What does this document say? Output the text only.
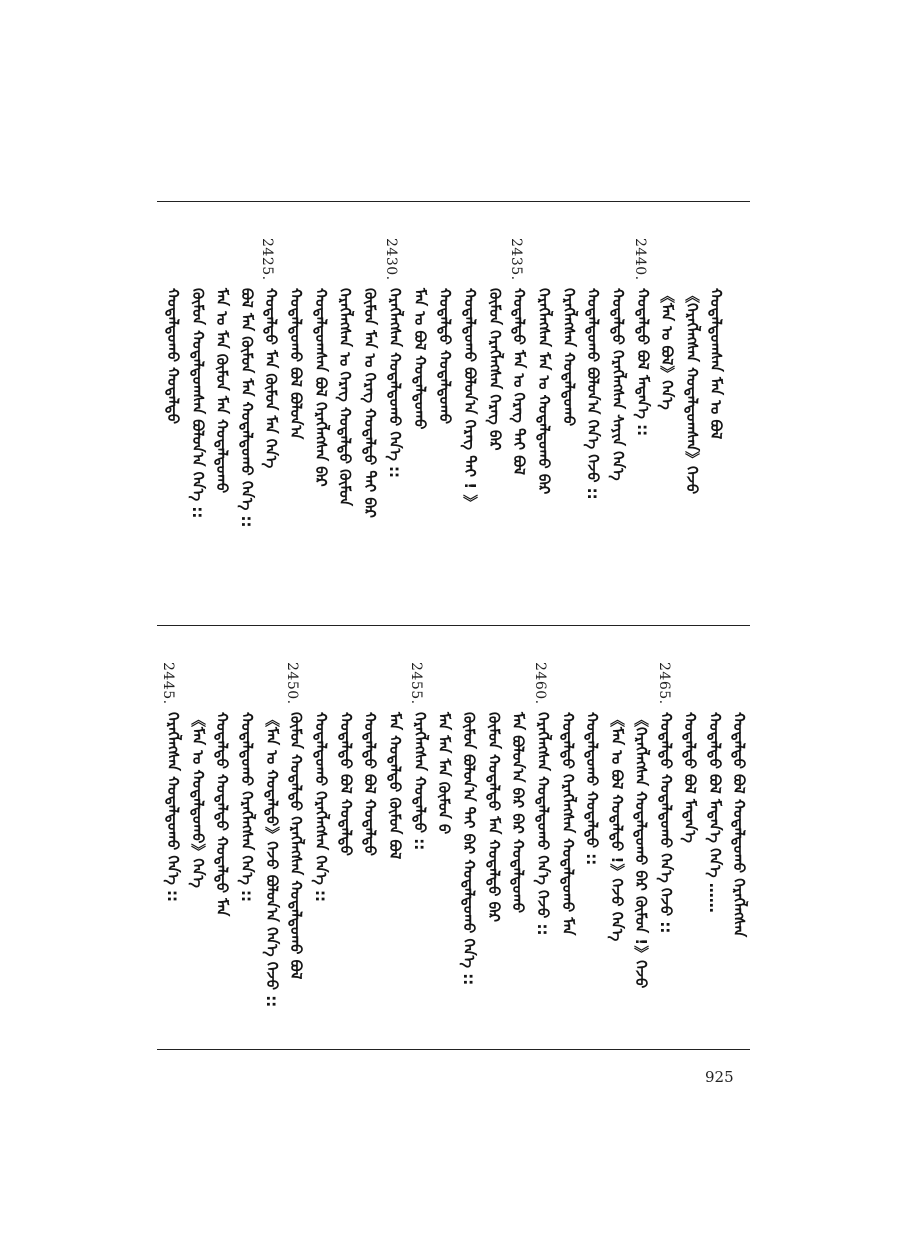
2440.
2435.
2430.
2425.
ᠬᠤᠳᠠᠯᠳᠤᠬᠰᠠᠨ ᠮᠠᠨ ᠤ ᠪᠣᠯ
《ᠬᠡᠷᠡᠭᠯᠡᠭᠰᠡᠨ ᠬᠤᠳᠠᠯᠳᠤᠬᠰᠠᠨ》ᠭᠡᠵᠦ
《ᠮᠠᠨ ᠤ ᠪᠣᠯ》ᠭᠡᠨ᠎ᠡ
ᠬᠤᠳᠠᠯᠳᠤ ᠪᠣᠯ ᠮᠡᠳᠡᠨ᠎ᠡ ::
ᠬᠤᠳᠠᠯᠳᠤ ᠬᠡᠷᠡᠭᠯᠡᠭᠰᠡᠨ ᠰᠠᠶᠢᠨ ᠭᠡᠨ᠎ᠡ
ᠬᠤᠳᠠᠯᠳᠤᠬᠤ ᠪᠣᠯᠤᠨ᠎ᠠ ᠭᠡᠨ᠎ᠡ ᠭᠡᠵᠦ ::
ᠬᠡᠷᠡᠭᠯᠡᠭᠰᠡᠨ ᠬᠤᠳᠠᠯᠳᠤᠬᠤ
ᠬᠡᠷᠡᠭᠯᠡᠭᠰᠡᠨ ᠮᠠᠨ ᠤ ᠬᠤᠳᠠᠯᠳᠤᠬᠤ ᠪᠠᠷ
ᠬᠤᠳᠠᠯᠳᠤ ᠮᠠᠨ ᠤ ᠬᠡᠷᠡᠭ ᠲᠡᠢ ᠪᠣᠯ
ᠬᠦᠮᠦᠨ ᠬᠡᠷᠡᠭᠯᠡᠭᠰᠡᠨ ᠬᠡᠷᠡᠭ ᠪᠠᠷ
ᠬᠤᠳᠠᠯᠳᠤᠬᠤ ᠪᠣᠯᠤᠨ᠎ᠠ ᠬᠡᠷᠡᠭ ᠲᠡᠢ ! 》
ᠬᠤᠳᠠᠯᠳᠤ ᠬᠤᠳᠠᠯᠳᠤᠬᠤ
ᠮᠠᠨ ᠤ ᠪᠣᠯ ᠬᠤᠳᠠᠯᠳᠤᠬᠤ
ᠬᠡᠷᠡᠭᠯᠡᠭᠰᠡᠨ ᠬᠤᠳᠠᠯᠳᠤᠬᠤ ᠭᠡᠨ᠎ᠡ ::
ᠬᠦᠮᠦᠨ ᠮᠠᠨ ᠤ ᠬᠡᠷᠡᠭ ᠬᠤᠳᠠᠯᠳᠤ ᠲᠡᠢ ᠪᠠᠷ
ᠬᠡᠷᠡᠭᠯᠡᠭᠰᠡᠨ ᠤ ᠬᠡᠷᠡᠭ ᠬᠤᠳᠠᠯᠳᠤ ᠬᠦᠮᠦᠨ
ᠬᠤᠳᠠᠯᠳᠤᠬᠰᠠᠨ ᠪᠣᠯ ᠬᠡᠷᠡᠭᠯᠡᠭᠰᠡᠨ ᠪᠠᠷ
ᠬᠤᠳᠠᠯᠳᠤᠬᠤ ᠪᠣᠯ ᠪᠣᠯᠤᠨ᠎ᠠ
ᠬᠤᠳᠠᠯᠳᠤ ᠮᠠᠨ ᠬᠦᠮᠦᠨ ᠮᠠᠨ ᠭᠡᠨ᠎ᠡ
ᠪᠣᠯ ᠮᠠᠨ ᠬᠦᠮᠦᠨ ᠮᠠᠨ ᠬᠤᠳᠠᠯᠳᠤᠬᠤ ᠭᠡᠨ᠎ᠡ ::
ᠮᠠᠨ ᠤ ᠮᠠᠨ ᠬᠦᠮᠦᠨ ᠮᠠᠨ ᠬᠤᠳᠠᠯᠳᠤᠬᠤ
ᠬᠦᠮᠦᠨ ᠬᠤᠳᠠᠯᠳᠤᠬᠰᠠᠨ ᠪᠣᠯᠤᠨ᠎ᠠ ᠭᠡᠨ᠎ᠡ ::
ᠬᠤᠳᠠᠯᠳᠤᠬᠤ ᠬᠤᠳᠠᠯᠳᠤ
2465.
2460.
2455.
2450.
2445.
ᠬᠤᠳᠠᠯᠳᠤ ᠪᠣᠯ ᠬᠤᠳᠠᠯᠳᠤᠬᠤ ᠬᠡᠷᠡᠭᠯᠡᠭᠰᠡᠨ
ᠬᠤᠳᠠᠯᠳᠤ ᠪᠣᠯ ᠮᠡᠳᠡᠨ᠎ᠡ ᠭᠡᠨ᠎ᠡ ……
ᠬᠤᠳᠠᠯᠳᠤ ᠪᠣᠯ ᠮᠡᠳᠡᠨ᠎ᠡ
ᠬᠤᠳᠠᠯᠳᠤ ᠬᠤᠳᠠᠯᠳᠤᠬᠤ ᠭᠡᠨ᠎ᠡ ᠭᠡᠵᠦ ::
《ᠬᠡᠷᠡᠭᠯᠡᠭᠰᠡᠨ ᠬᠤᠳᠠᠯᠳᠤᠬᠤ ᠪᠠᠷ ᠬᠦᠮᠦᠨ !》ᠭᠡᠵᠦ
《ᠮᠠᠨ ᠤ ᠪᠣᠯ ᠬᠤᠳᠠᠯᠳᠤ !》ᠭᠡᠵᠦ ᠭᠡᠨ᠎ᠡ
ᠬᠤᠳᠠᠯᠳᠤᠬᠤ ᠬᠤᠳᠠᠯᠳᠤ ::
ᠬᠤᠳᠠᠯᠳᠤ ᠬᠡᠷᠡᠭᠯᠡᠭᠰᠡᠨ ᠬᠤᠳᠠᠯᠳᠤᠬᠤ ᠮᠠᠨ
ᠬᠡᠷᠡᠭᠯᠡᠭᠰᠡᠨ ᠬᠤᠳᠠᠯᠳᠤᠬᠤ ᠭᠡᠨ᠎ᠡ ᠭᠡᠵᠦ ::
ᠮᠠᠨ ᠪᠣᠯᠤᠨ᠎ᠠ ᠪᠠᠷ ᠪᠠᠷ ᠬᠤᠳᠠᠯᠳᠤᠬᠤ
ᠬᠦᠮᠦᠨ ᠬᠤᠳᠠᠯᠳᠤ ᠮᠠᠨ ᠬᠤᠳᠠᠯᠳᠤ ᠪᠠᠷ
ᠬᠦᠮᠦᠨ ᠪᠣᠯᠤᠨ᠎ᠠ ᠲᠡᠢ ᠪᠠᠷ ᠬᠤᠳᠠᠯᠳᠤᠬᠤ ᠭᠡᠨ᠎ᠡ ::
ᠮᠠᠨ ᠮᠠᠨ ᠮᠠᠨ ᠬᠦᠮᠦᠨ ᠪ
ᠬᠡᠷᠡᠭᠯᠡᠭᠰᠡᠨ ᠬᠤᠳᠠᠯᠳᠤ ::
ᠮᠠᠨ ᠬᠤᠳᠠᠯᠳᠤ ᠬᠦᠮᠦᠨ ᠪᠣᠯ
ᠬᠤᠳᠠᠯᠳᠤ ᠪᠣᠯ ᠬᠤᠳᠠᠯᠳᠤ
ᠬᠤᠳᠠᠯᠳᠤ ᠪᠣᠯ ᠬᠤᠳᠠᠯᠳᠤ
ᠬᠤᠳᠠᠯᠳᠤᠬᠤ ᠬᠡᠷᠡᠭᠯᠡᠭᠰᠡᠨ ᠭᠡᠨ᠎ᠡ ::
ᠬᠦᠮᠦᠨ ᠬᠤᠳᠠᠯᠳᠤ ᠬᠡᠷᠡᠭᠯᠡᠭᠰᠡᠨ ᠬᠤᠳᠠᠯᠳᠤᠬᠤ ᠪᠣᠯ
《ᠮᠠᠨ ᠤ ᠬᠤᠳᠠᠯᠳᠤ》ᠭᠡᠵᠦ ᠪᠣᠯᠤᠨ᠎ᠠ ᠭᠡᠨ᠎ᠡ ᠭᠡᠵᠦ ::
ᠬᠤᠳᠠᠯᠳᠤᠬᠤ ᠬᠡᠷᠡᠭᠯᠡᠭᠰᠡᠨ ᠭᠡᠨ᠎ᠡ ::
ᠬᠤᠳᠠᠯᠳᠤ ᠬᠤᠳᠠᠯᠳᠤ ᠬᠤᠳᠠᠯᠳᠤ ᠮᠠᠨ
《ᠮᠠᠨ ᠤ ᠬᠤᠳᠠᠯᠳᠤᠬᠤ》ᠭᠡᠨ᠎ᠡ
ᠬᠡᠷᠡᠭᠯᠡᠭᠰᠡᠨ ᠬᠤᠳᠠᠯᠳᠤᠬᠤ ᠭᠡᠨ᠎ᠡ ::
925
